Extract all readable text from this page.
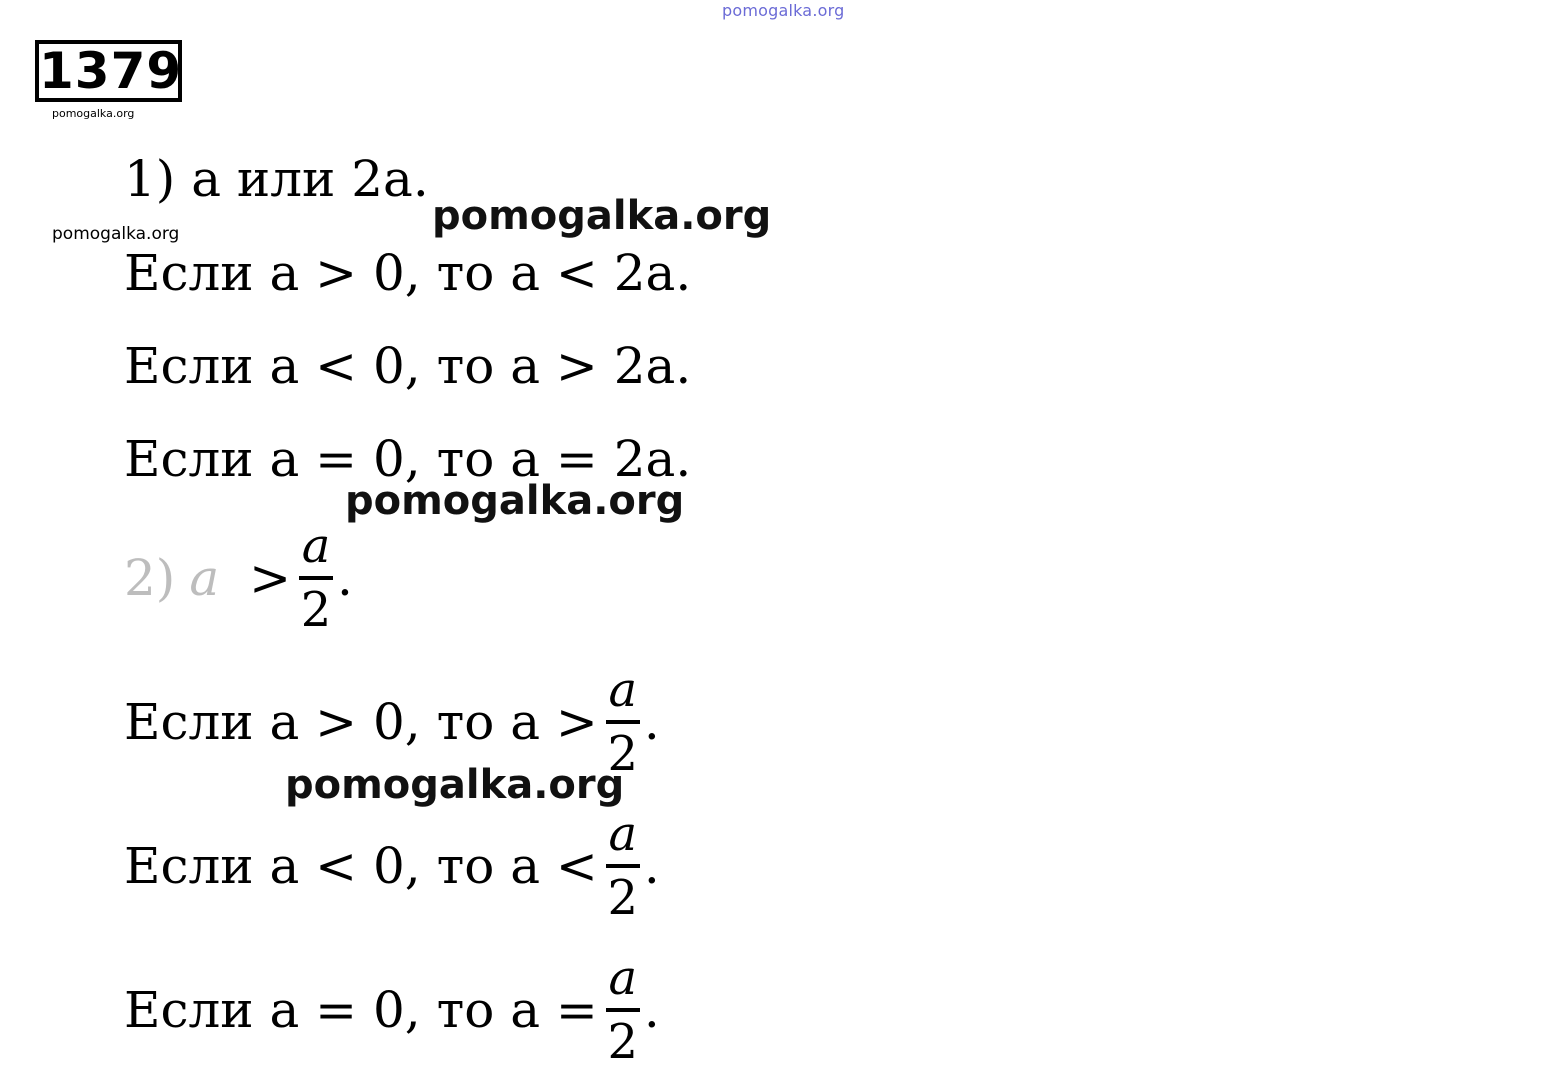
pomogalka.org
1379
pomogalka.org
1) a или 2a.
pomogalka.org	pomogalka.org
Если a > 0, то a < 2a.
Если a < 0, то a > 2a.
Если a = 0, то a = 2a.
pomogalka.org
2) $a > \frac{a}{2}$ .
Если a > 0, то $a > \frac{a}{2}$ .
pomogalka.org
Если a < 0, то $a < \frac{a}{2}$ .
Если a = 0, то $a = \frac{a}{2}$ .
